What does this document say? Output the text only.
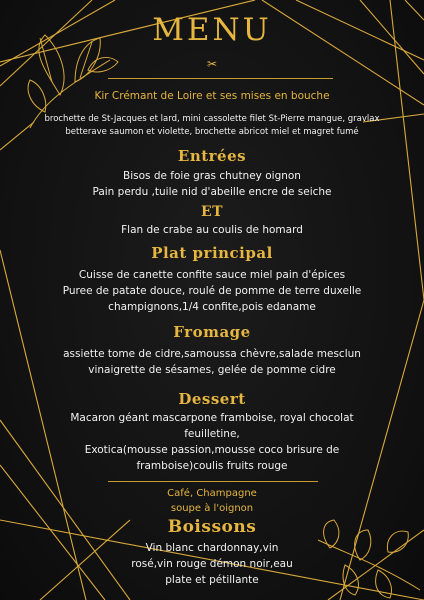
MENU
✂
Kir Crémant de Loire et ses mises en bouche
brochette de St-Jacques et lard, mini cassolette filet St-Pierre mangue, gravlax betterave saumon et violette, brochette abricot miel et magret fumé
Entrées
Bisos de foie gras chutney oignon
Pain perdu ,tuile nid d'abeille encre de seiche
ET
Flan de crabe au coulis de homard
Plat principal
Cuisse de canette confite sauce miel pain d'épices
Puree de patate douce, roulé de pomme de terre duxelle
champignons,1/4 confite,pois edaname
Fromage
assiette tome de cidre,samoussa chèvre,salade mesclun
vinaigrette de sésames, gelée de pomme cidre
Dessert
Macaron géant mascarpone framboise, royal chocolat
feuilletine,
Exotica(mousse passion,mousse coco brisure de
framboise)coulis fruits rouge
Café, Champagne
soupe à l'oignon
Boissons
Vin blanc chardonnay,vin
rosé,vin rouge démon noir,eau
plate et pétillante
